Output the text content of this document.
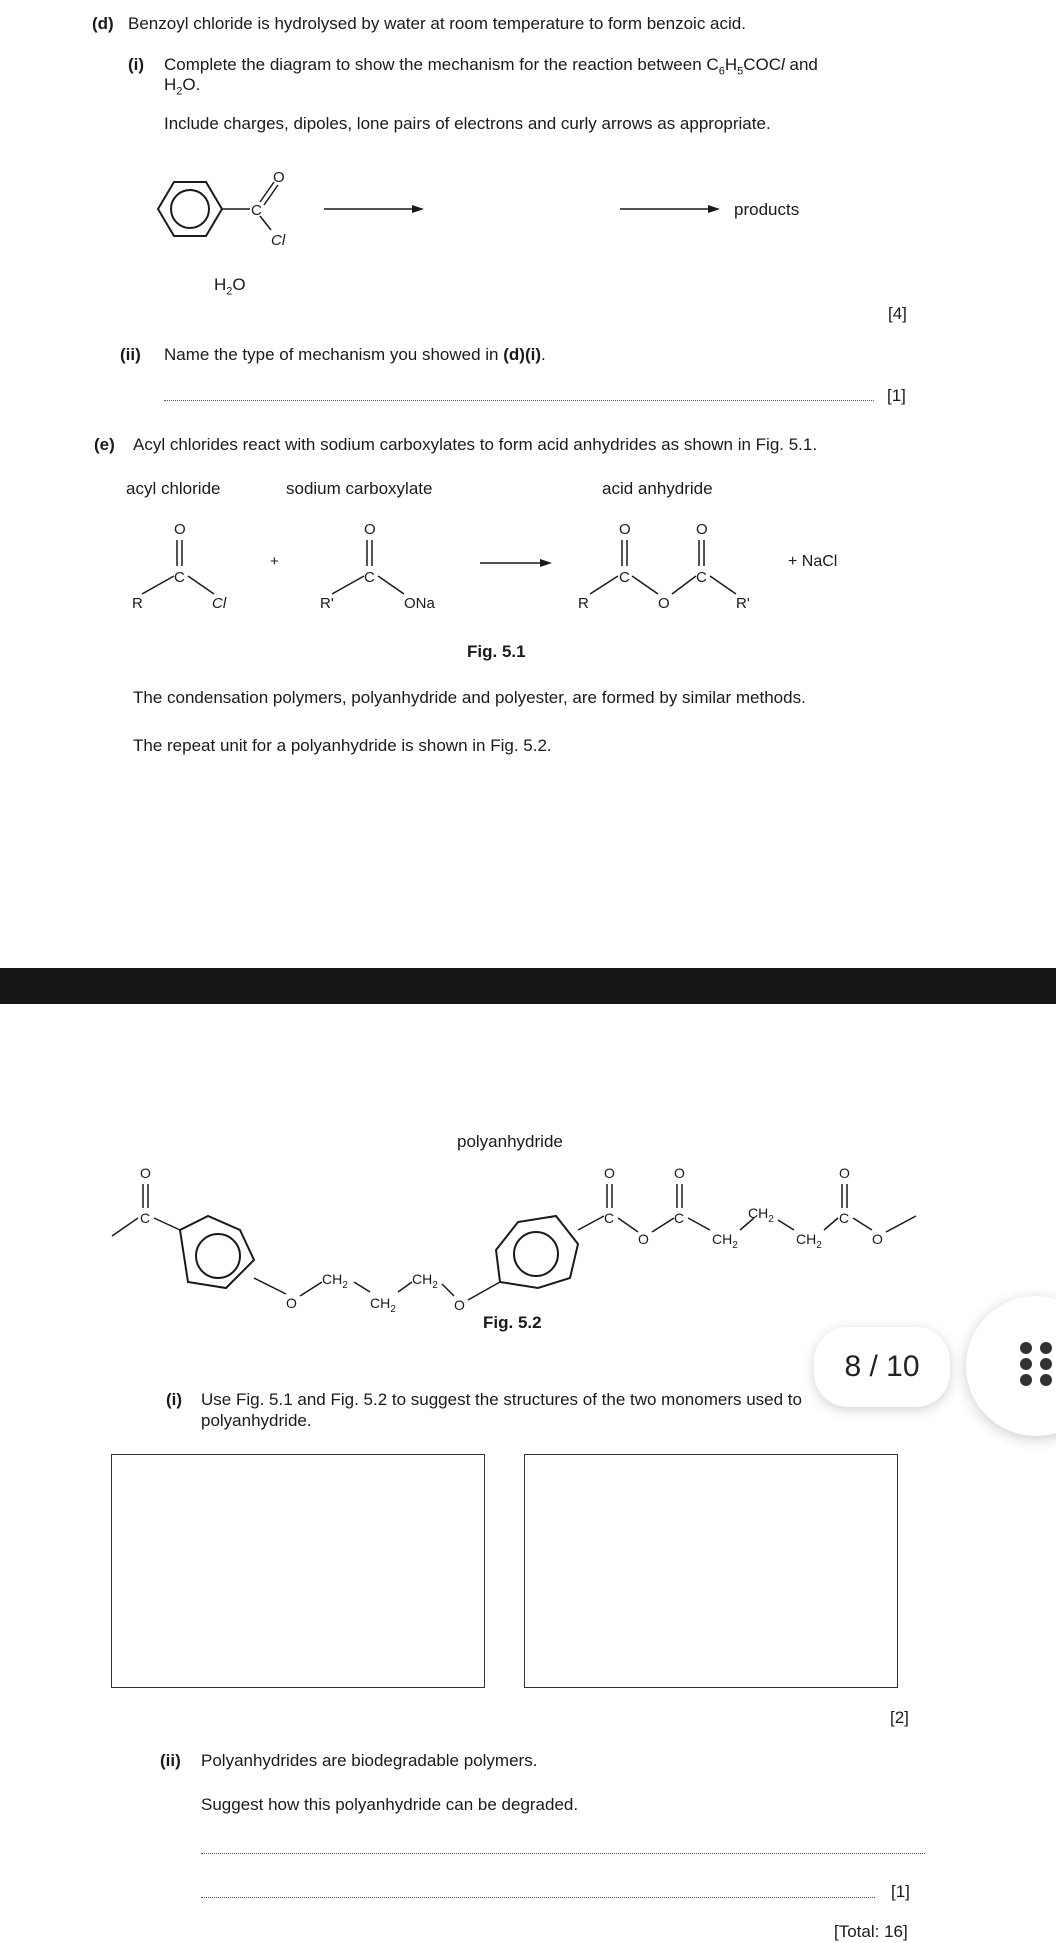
(d) Benzoyl chloride is hydrolysed by water at room temperature to form benzoic acid.
(i) Complete the diagram to show the mechanism for the reaction between $C_6H_5COCl$ and
$H_2O$.
Include charges, dipoles, lone pairs of electrons and curly arrows as appropriate.
O
C
Cl
products
$H_2O$
[4]
(ii) Name the type of mechanism you showed in (d)(i).
[1]
(e) Acyl chlorides react with sodium carboxylates to form acid anhydrides as shown in Fig. 5.1.
acyl chloride	sodium carboxylate	acid anhydride
O
C
R	Cl
+
O
C
R'	ONa
O
C
R	O
O
C
R'
+ NaCl
Fig. 5.1
The condensation polymers, polyanhydride and polyester, are formed by similar methods.
The repeat unit for a polyanhydride is shown in Fig. 5.2.
polyanhydride
O
C
O
$CH_2$
$CH_2$
$CH_2$
O
O
C
O
O
C
$CH_2$
$CH_2$
$CH_2$
O
C
O
Fig. 5.2
(i) Use Fig. 5.1 and Fig. 5.2 to suggest the structures of the two monomers used to
polyanhydride.
[2]
(ii) Polyanhydrides are biodegradable polymers.
Suggest how this polyanhydride can be degraded.
[1]
[Total: 16]
8 / 10
